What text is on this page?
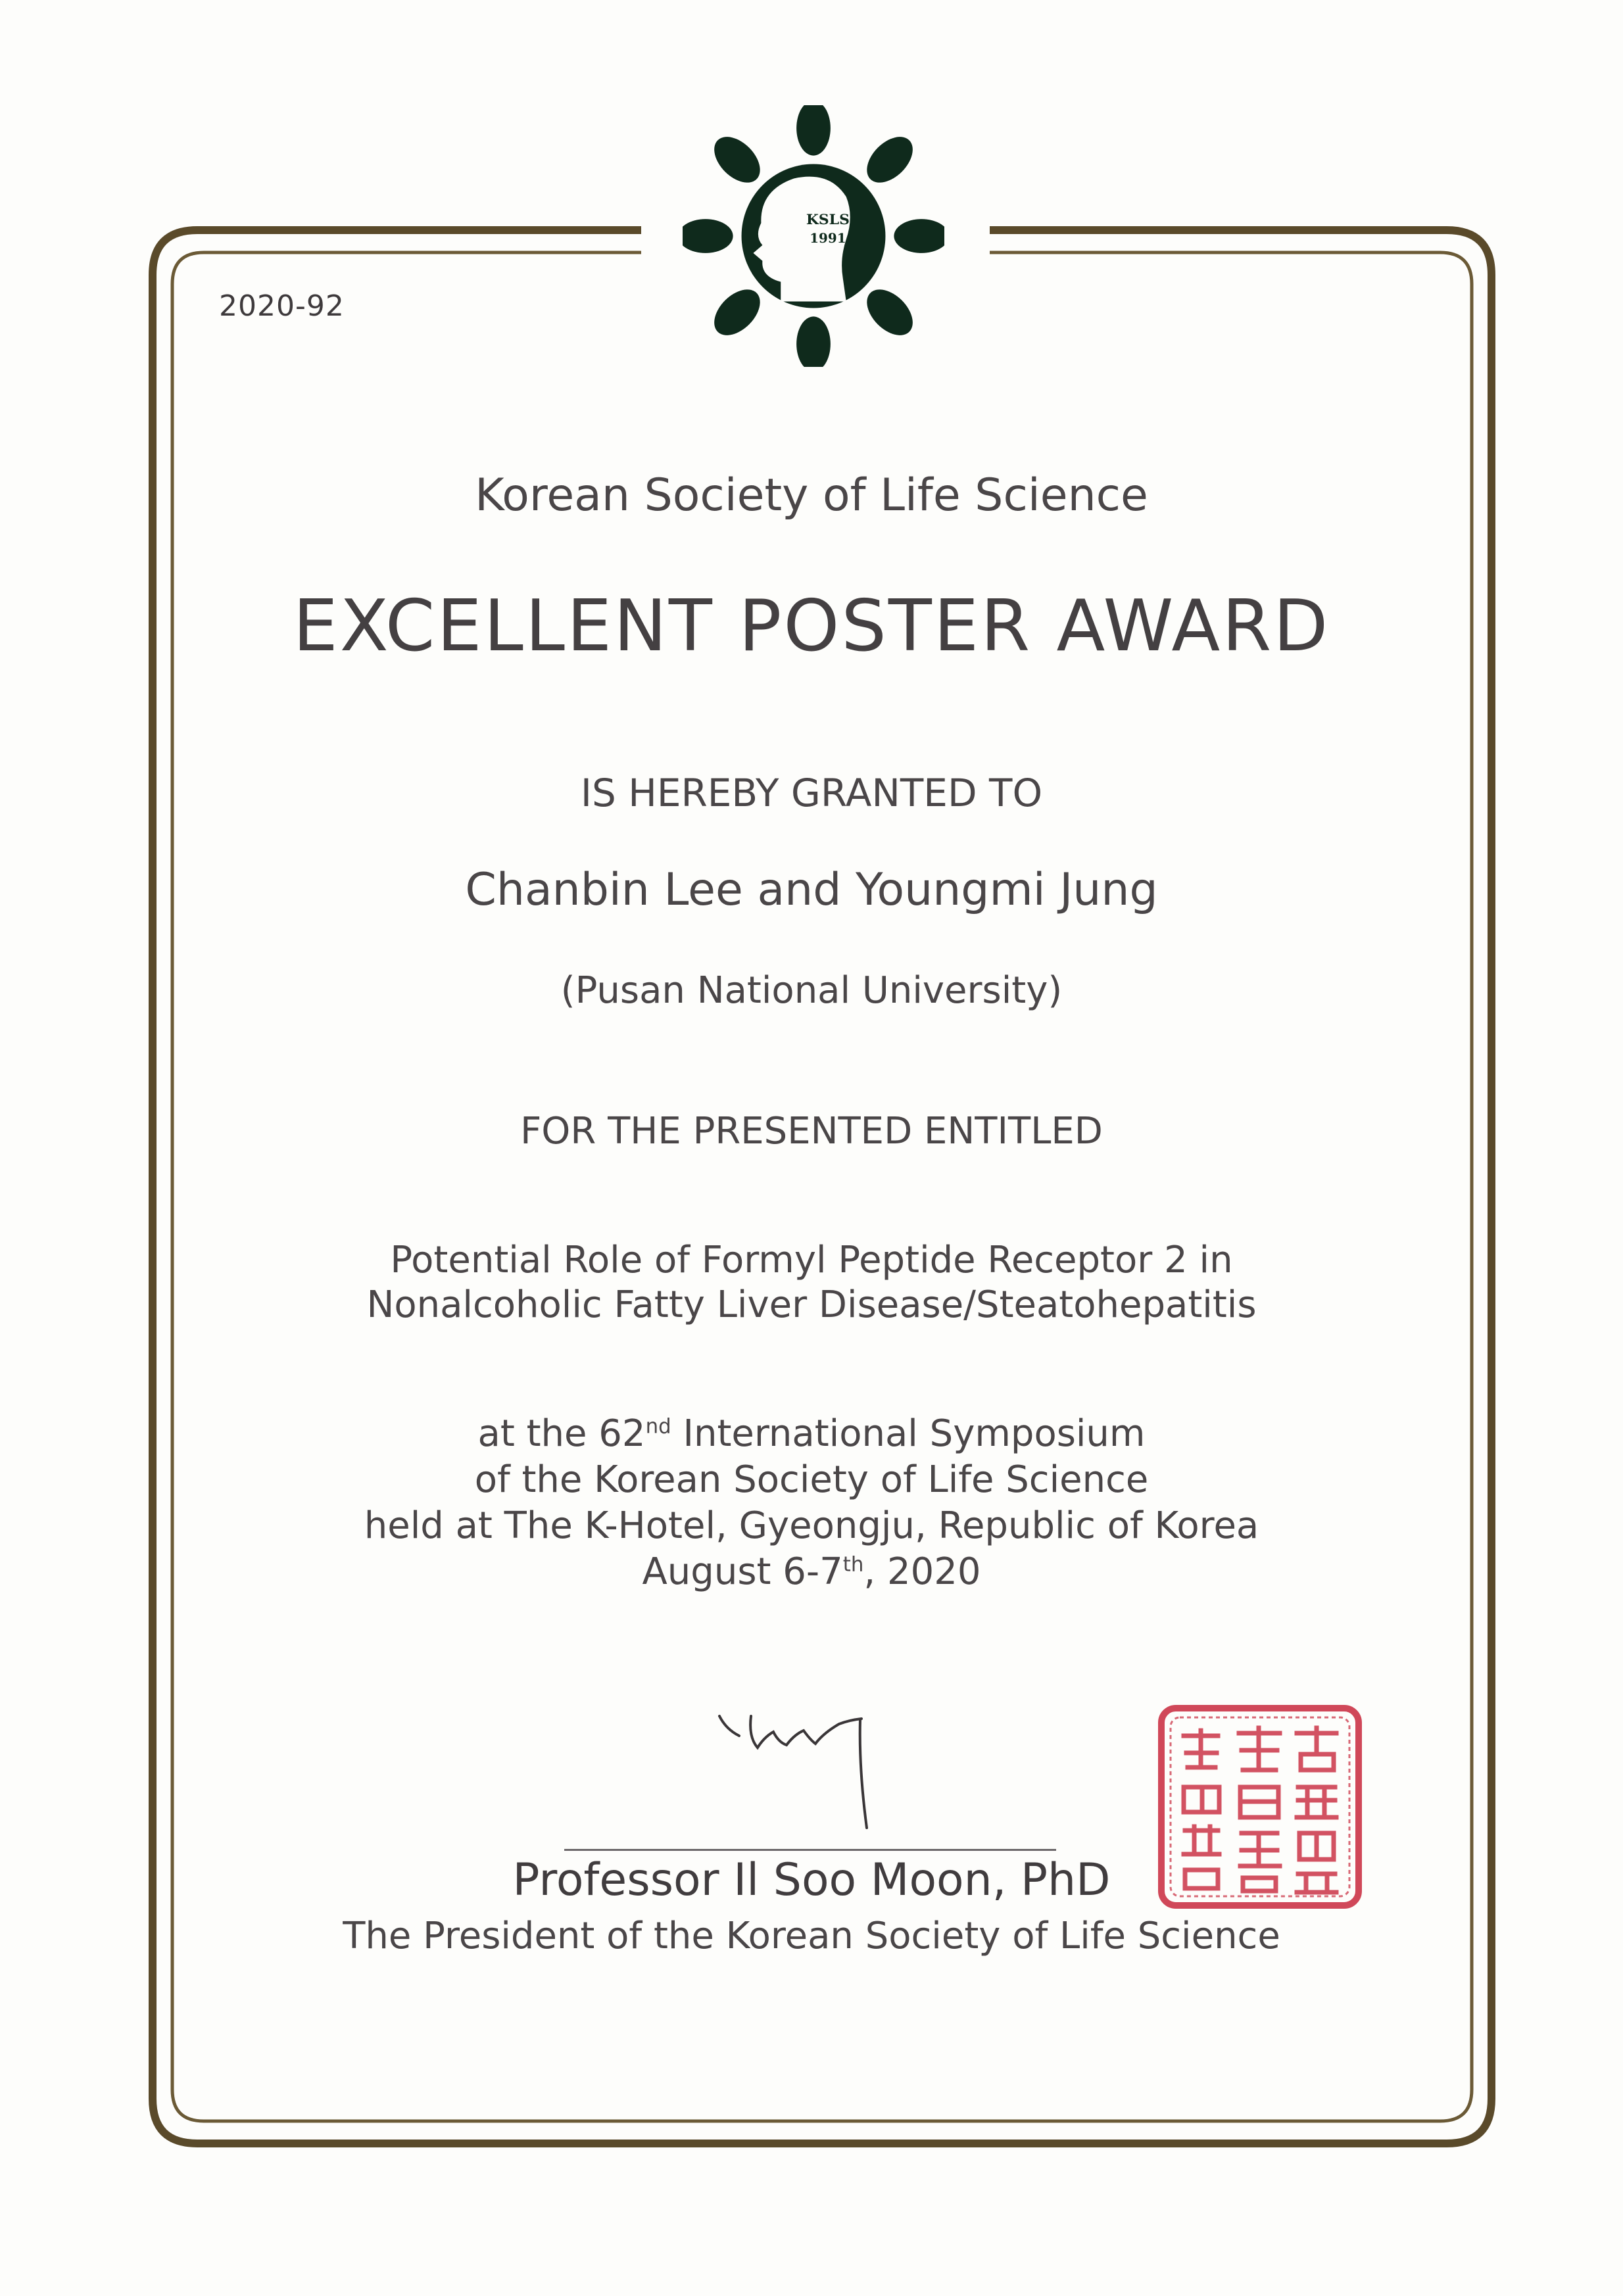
2020-92
KSLS
1991
Korean Society of Life Science
EXCELLENT POSTER AWARD
IS HEREBY GRANTED TO
Chanbin Lee and Youngmi Jung
(Pusan National University)
FOR THE PRESENTED ENTITLED
Potential Role of Formyl Peptide Receptor 2 in
Nonalcoholic Fatty Liver Disease/Steatohepatitis
at the 62nd International Symposium
of the Korean Society of Life Science
held at The K-Hotel, Gyeongju, Republic of Korea
August 6-7th, 2020
Professor Il Soo Moon, PhD
The President of the Korean Society of Life Science
